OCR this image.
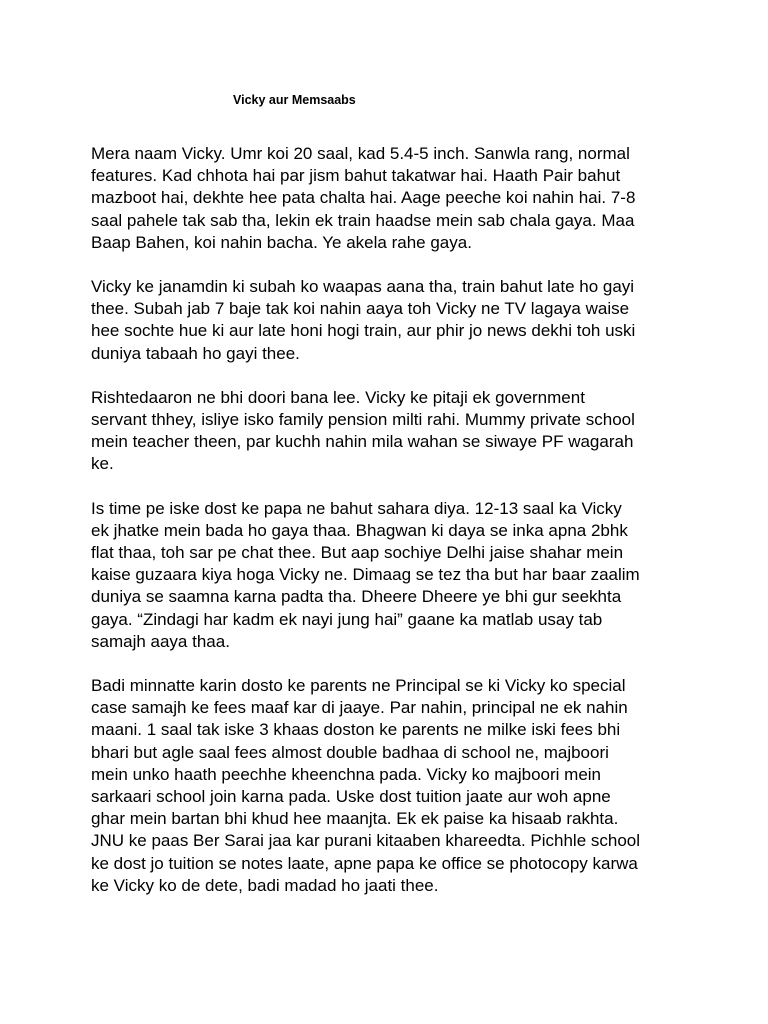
Vicky aur Memsaabs

Mera naam Vicky. Umr koi 20 saal, kad 5.4-5 inch. Sanwla rang, normal
features. Kad chhota hai par jism bahut takatwar hai. Haath Pair bahut
mazboot hai, dekhte hee pata chalta hai. Aage peeche koi nahin hai. 7-8
saal pahele tak sab tha, lekin ek train haadse mein sab chala gaya. Maa
Baap Bahen, koi nahin bacha. Ye akela rahe gaya.

Vicky ke janamdin ki subah ko waapas aana tha, train bahut late ho gayi
thee. Subah jab 7 baje tak koi nahin aaya toh Vicky ne TV lagaya waise
hee sochte hue ki aur late honi hogi train, aur phir jo news dekhi toh uski
duniya tabaah ho gayi thee.

Rishtedaaron ne bhi doori bana lee. Vicky ke pitaji ek government
servant thhey, isliye isko family pension milti rahi. Mummy private school
mein teacher theen, par kuchh nahin mila wahan se siwaye PF wagarah
ke.

Is time pe iske dost ke papa ne bahut sahara diya. 12-13 saal ka Vicky
ek jhatke mein bada ho gaya thaa. Bhagwan ki daya se inka apna 2bhk
flat thaa, toh sar pe chat thee. But aap sochiye Delhi jaise shahar mein
kaise guzaara kiya hoga Vicky ne. Dimaag se tez tha but har baar zaalim
duniya se saamna karna padta tha. Dheere Dheere ye bhi gur seekhta
gaya. “Zindagi har kadm ek nayi jung hai” gaane ka matlab usay tab
samajh aaya thaa.

Badi minnatte karin dosto ke parents ne Principal se ki Vicky ko special
case samajh ke fees maaf kar di jaaye. Par nahin, principal ne ek nahin
maani. 1 saal tak iske 3 khaas doston ke parents ne milke iski fees bhi
bhari but agle saal fees almost double badhaa di school ne, majboori
mein unko haath peechhe kheenchna pada. Vicky ko majboori mein
sarkaari school join karna pada. Uske dost tuition jaate aur woh apne
ghar mein bartan bhi khud hee maanjta. Ek ek paise ka hisaab rakhta.
JNU ke paas Ber Sarai jaa kar purani kitaaben khareedta. Pichhle school
ke dost jo tuition se notes laate, apne papa ke office se photocopy karwa
ke Vicky ko de dete, badi madad ho jaati thee.
